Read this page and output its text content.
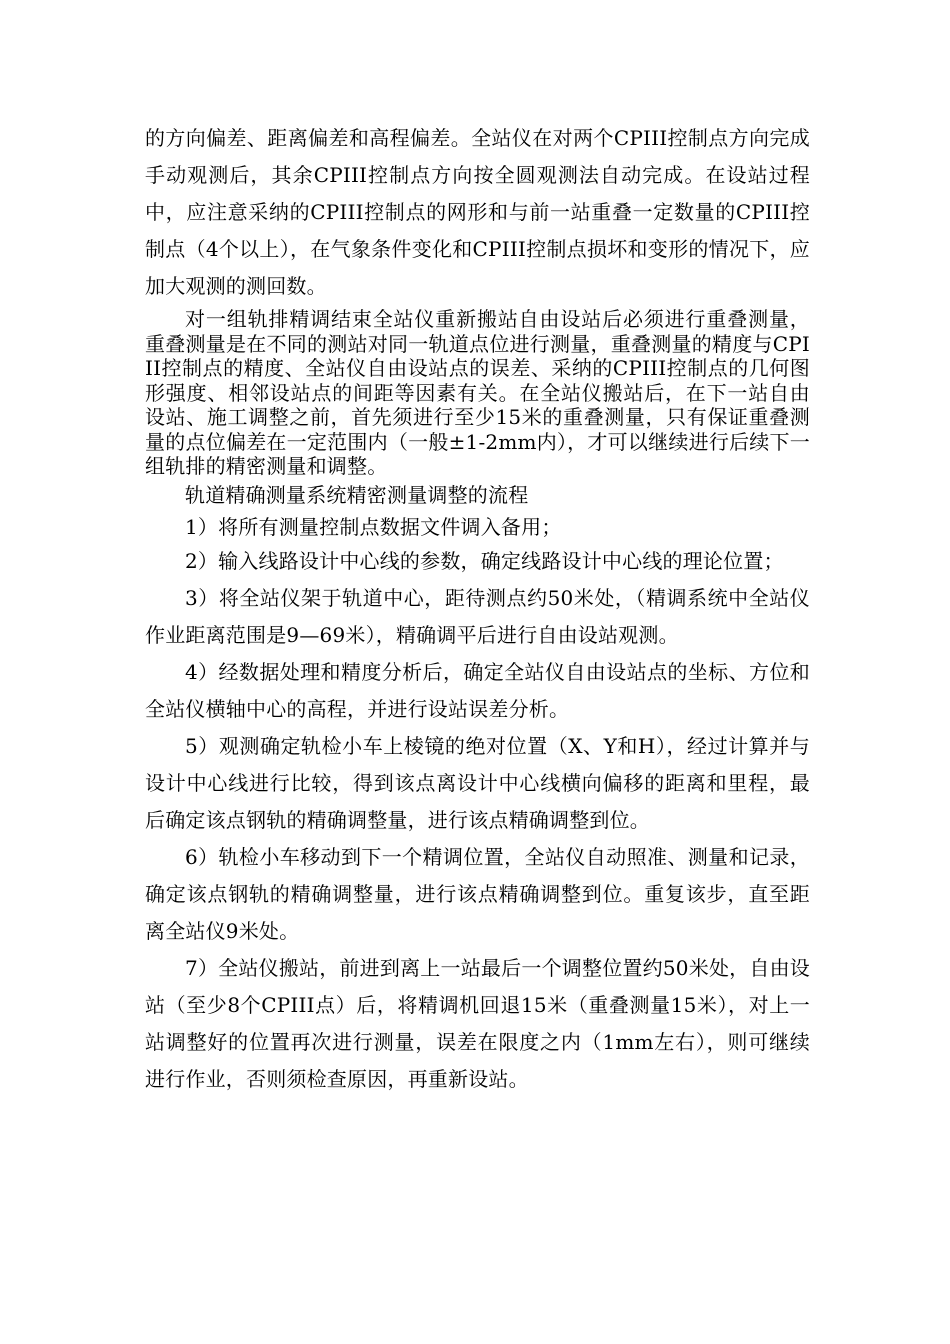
的方向偏差、距离偏差和高程偏差。全站仪在对两个CPIII控制点方向完成手动观测后，其余CPIII控制点方向按全圆观测法自动完成。在设站过程中，应注意采纳的CPIII控制点的网形和与前一站重叠一定数量的CPIII控制点（4个以上），在气象条件变化和CPIII控制点损坏和变形的情况下，应加大观测的测回数。

对一组轨排精调结束全站仪重新搬站自由设站后必须进行重叠测量，重叠测量是在不同的测站对同一轨道点位进行测量，重叠测量的精度与CPIII控制点的精度、全站仪自由设站点的误差、采纳的CPIII控制点的几何图形强度、相邻设站点的间距等因素有关。在全站仪搬站后，在下一站自由设站、施工调整之前，首先须进行至少15米的重叠测量，只有保证重叠测量的点位偏差在一定范围内（一般±1-2mm内），才可以继续进行后续下一组轨排的精密测量和调整。

轨道精确测量系统精密测量调整的流程

1）将所有测量控制点数据文件调入备用；

2）输入线路设计中心线的参数，确定线路设计中心线的理论位置；

3）将全站仪架于轨道中心，距待测点约50米处，（精调系统中全站仪作业距离范围是9—69米），精确调平后进行自由设站观测。

4）经数据处理和精度分析后，确定全站仪自由设站点的坐标、方位和全站仪横轴中心的高程，并进行设站误差分析。

5）观测确定轨检小车上棱镜的绝对位置（X、Y和H），经过计算并与设计中心线进行比较，得到该点离设计中心线横向偏移的距离和里程，最后确定该点钢轨的精确调整量，进行该点精确调整到位。

6）轨检小车移动到下一个精调位置，全站仪自动照准、测量和记录，确定该点钢轨的精确调整量，进行该点精确调整到位。重复该步，直至距离全站仪9米处。

7）全站仪搬站，前进到离上一站最后一个调整位置约50米处，自由设站（至少8个CPIII点）后，将精调机回退15米（重叠测量15米），对上一站调整好的位置再次进行测量，误差在限度之内（1mm左右），则可继续进行作业，否则须检查原因，再重新设站。
